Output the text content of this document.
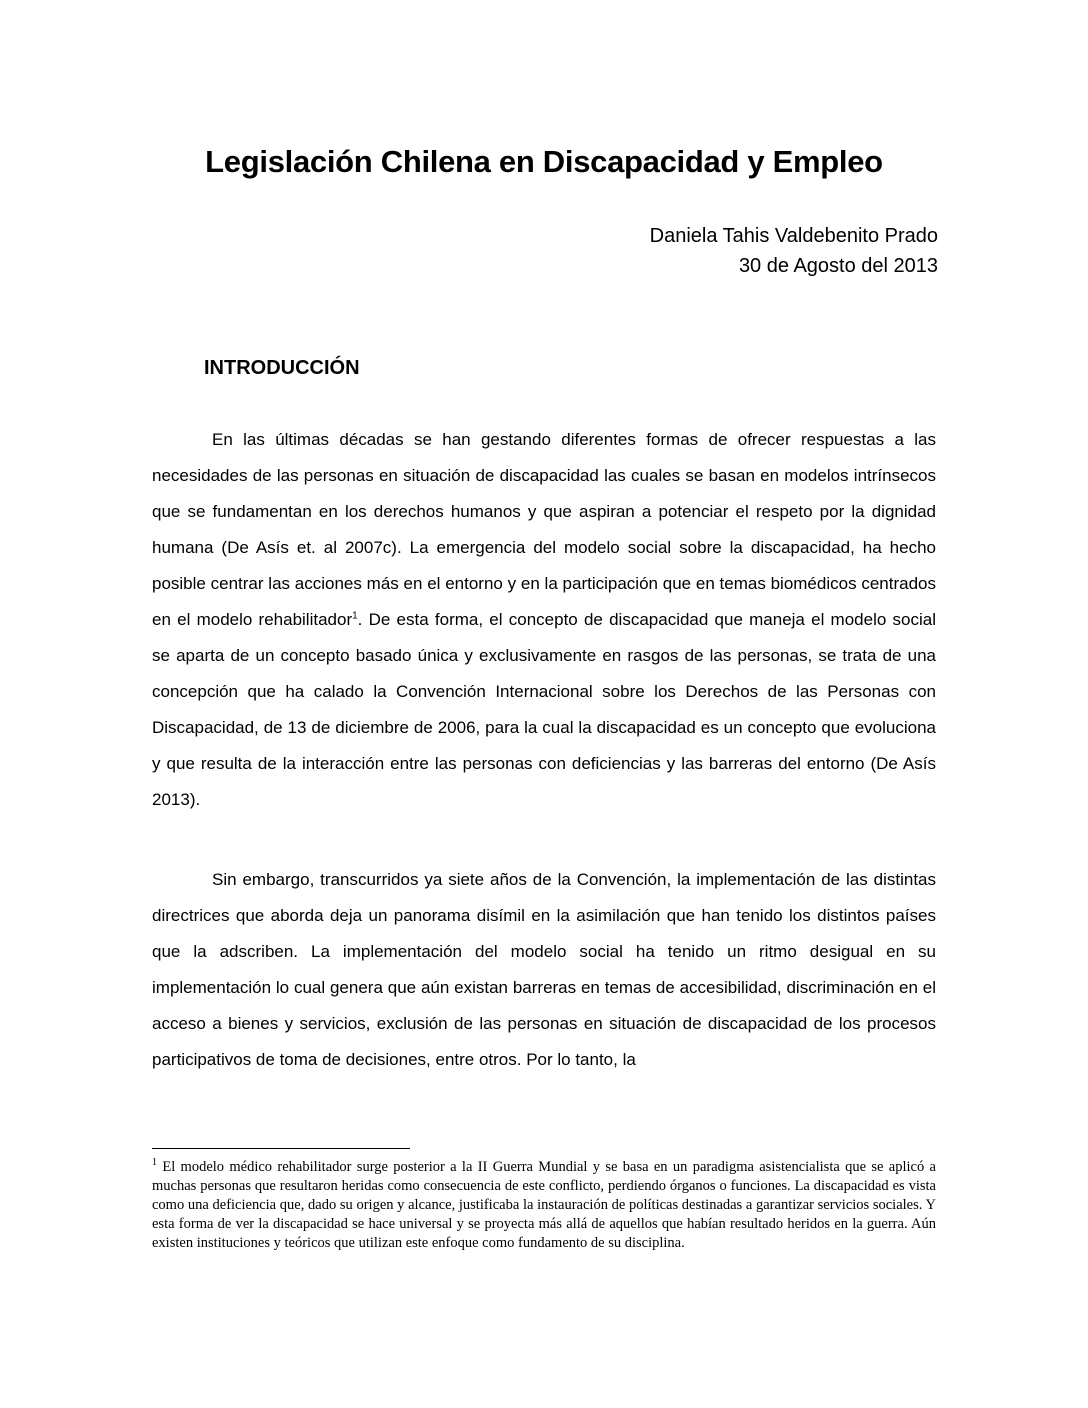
Legislación Chilena en Discapacidad y Empleo
Daniela Tahis Valdebenito Prado
30 de Agosto del 2013
INTRODUCCIÓN

En las últimas décadas se han gestando diferentes formas de ofrecer respuestas a las necesidades de las personas en situación de discapacidad las cuales se basan en modelos intrínsecos que se fundamentan en los derechos humanos y que aspiran a potenciar el respeto por la dignidad humana (De Asís et. al 2007c). La emergencia del modelo social sobre la discapacidad, ha hecho posible centrar las acciones más en el entorno y en la participación que en temas biomédicos centrados en el modelo rehabilitador$^1$. De esta forma, el concepto de discapacidad que maneja el modelo social se aparta de un concepto basado única y exclusivamente en rasgos de las personas, se trata de una concepción que ha calado la Convención Internacional sobre los Derechos de las Personas con Discapacidad, de 13 de diciembre de 2006, para la cual la discapacidad es un concepto que evoluciona y que resulta de la interacción entre las personas con deficiencias y las barreras del entorno (De Asís 2013).

Sin embargo, transcurridos ya siete años de la Convención, la implementación de las distintas directrices que aborda deja un panorama disímil en la asimilación que han tenido los distintos países que la adscriben. La implementación del modelo social ha tenido un ritmo desigual en su implementación lo cual genera que aún existan barreras en temas de accesibilidad, discriminación en el acceso a bienes y servicios, exclusión de las personas en situación de discapacidad de los procesos participativos de toma de decisiones, entre otros. Por lo tanto, la

$^1$ El modelo médico rehabilitador surge posterior a la II Guerra Mundial y se basa en un paradigma asistencialista que se aplicó a muchas personas que resultaron heridas como consecuencia de este conflicto, perdiendo órganos o funciones. La discapacidad es vista como una deficiencia que, dado su origen y alcance, justificaba la instauración de políticas destinadas a garantizar servicios sociales. Y esta forma de ver la discapacidad se hace universal y se proyecta más allá de aquellos que habían resultado heridos en la guerra. Aún existen instituciones y teóricos que utilizan este enfoque como fundamento de su disciplina.
